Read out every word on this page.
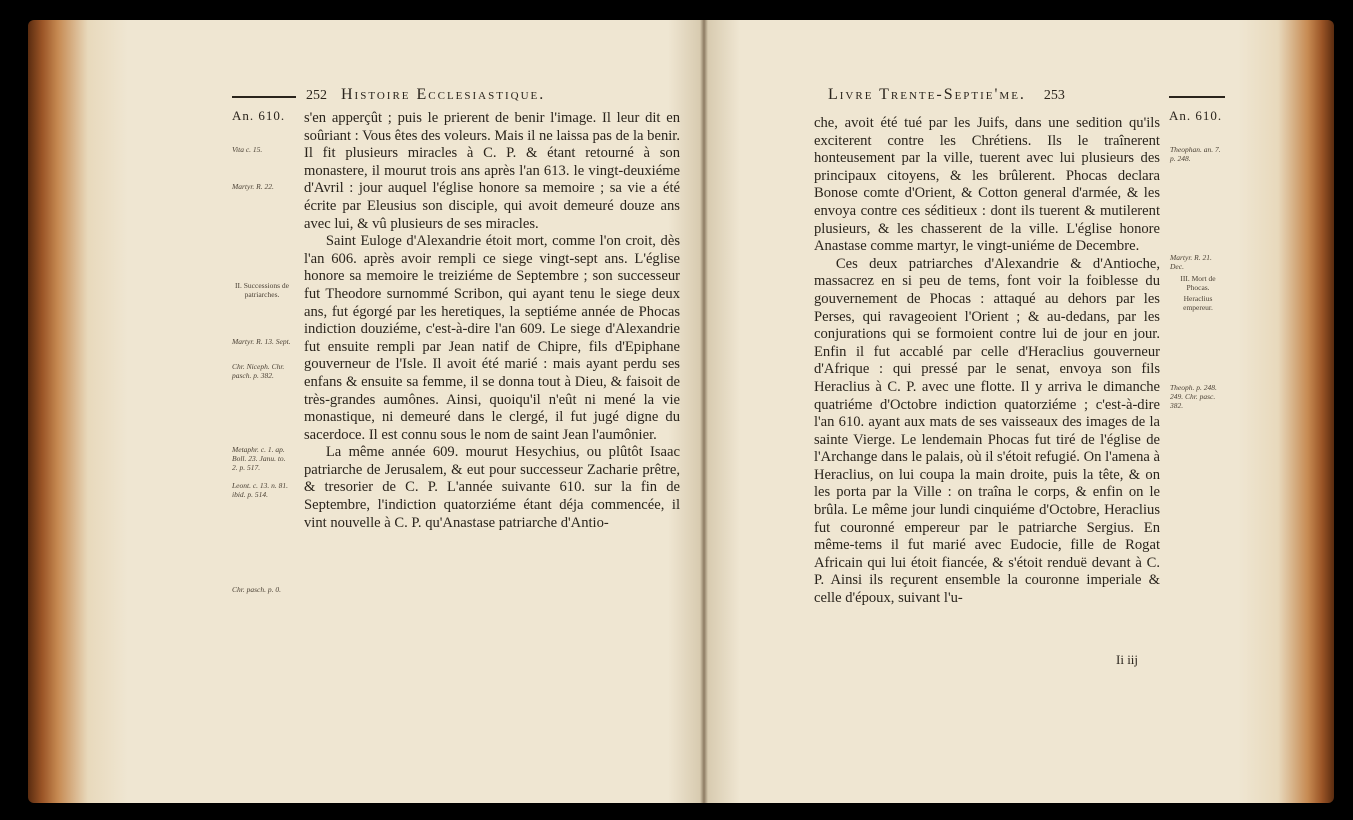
252 Histoire Ecclesiastique.
An. 610.
Vita c. 15.
Martyr. R. 22.
II. Successions de patriarches.
Martyr. R. 13. Sept.
Chr. Niceph. Chr. pasch. p. 382.
Metaphr. c. 1. ap. Boll. 23. Janu. to. 2. p. 517.
Leont. c. 13. n. 81. ibid. p. 514.
Chr. pasch. p. 0.

s'en apperçût ; puis le prierent de benir l'image. Il leur dit en soûriant : Vous êtes des voleurs. Mais il ne laissa pas de la benir. Il fit plusieurs miracles à C. P. & étant retourné à son monastere, il mourut trois ans après l'an 613. le vingt-deuxiéme d'Avril : jour auquel l'église honore sa memoire ; sa vie a été écrite par Eleusius son disciple, qui avoit demeuré douze ans avec lui, & vû plusieurs de ses miracles.

Saint Euloge d'Alexandrie étoit mort, comme l'on croit, dès l'an 606. après avoir rempli ce siege vingt-sept ans. L'église honore sa memoire le treiziéme de Septembre ; son successeur fut Theodore surnommé Scribon, qui ayant tenu le siege deux ans, fut égorgé par les heretiques, la septiéme année de Phocas indiction douziéme, c'est-à-dire l'an 609. Le siege d'Alexandrie fut ensuite rempli par Jean natif de Chipre, fils d'Epiphane gouverneur de l'Isle. Il avoit été marié : mais ayant perdu ses enfans & ensuite sa femme, il se donna tout à Dieu, & faisoit de très-grandes aumônes. Ainsi, quoiqu'il n'eût ni mené la vie monastique, ni demeuré dans le clergé, il fut jugé digne du sacerdoce. Il est connu sous le nom de saint Jean l'aumônier.

La même année 609. mourut Hesychius, ou plûtôt Isaac patriarche de Jerusalem, & eut pour successeur Zacharie prêtre, & tresorier de C. P. L'année suivante 610. sur la fin de Septembre, l'indiction quatorziéme étant déja commencée, il vint nouvelle à C. P. qu'Anastase patriarche d'Antio-

Livre Trente-Septie'me. 253
An. 610.
Theophan. an. 7. p. 248.
Martyr. R. 21. Dec.
III. Mort de Phocas.
Heraclius empereur.
Theoph. p. 248. 249. Chr. pasc. 382.

che, avoit été tué par les Juifs, dans une sedition qu'ils exciterent contre les Chrétiens. Ils le traînerent honteusement par la ville, tuerent avec lui plusieurs des principaux citoyens, & les brûlerent. Phocas declara Bonose comte d'Orient, & Cotton general d'armée, & les envoya contre ces séditieux : dont ils tuerent & mutilerent plusieurs, & les chasserent de la ville. L'église honore Anastase comme martyr, le vingt-uniéme de Decembre.

Ces deux patriarches d'Alexandrie & d'Antioche, massacrez en si peu de tems, font voir la foiblesse du gouvernement de Phocas : attaqué au dehors par les Perses, qui ravageoient l'Orient ; & au-dedans, par les conjurations qui se formoient contre lui de jour en jour. Enfin il fut accablé par celle d'Heraclius gouverneur d'Afrique : qui pressé par le senat, envoya son fils Heraclius à C. P. avec une flotte. Il y arriva le dimanche quatriéme d'Octobre indiction quatorziéme ; c'est-à-dire l'an 610. ayant aux mats de ses vaisseaux des images de la sainte Vierge. Le lendemain Phocas fut tiré de l'église de l'Archange dans le palais, où il s'étoit refugié. On l'amena à Heraclius, on lui coupa la main droite, puis la tête, & on les porta par la Ville : on traîna le corps, & enfin on le brûla. Le même jour lundi cinquiéme d'Octobre, Heraclius fut couronné empereur par le patriarche Sergius. En même-tems il fut marié avec Eudocie, fille de Rogat Africain qui lui étoit fiancée, & s'étoit renduë devant à C. P. Ainsi ils reçurent ensemble la couronne imperiale & celle d'époux, suivant l'u-

Ii iij
